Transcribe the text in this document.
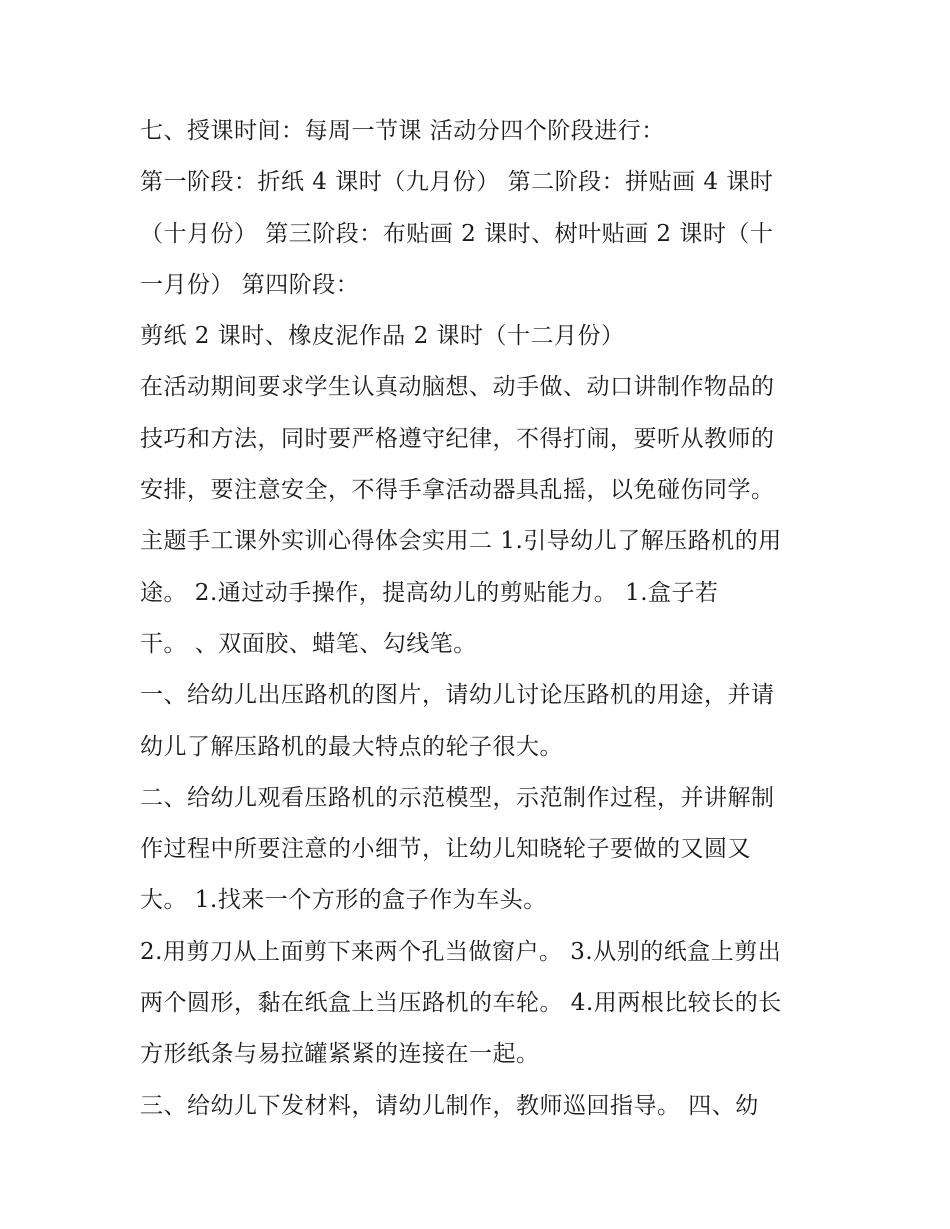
七、授课时间：每周一节课 活动分四个阶段进行：
第一阶段：折纸 4 课时（九月份） 第二阶段：拼贴画 4 课时
（十月份） 第三阶段：布贴画 2 课时、树叶贴画 2 课时（十
一月份） 第四阶段：
剪纸 2 课时、橡皮泥作品 2 课时（十二月份）
在活动期间要求学生认真动脑想、动手做、动口讲制作物品的
技巧和方法，同时要严格遵守纪律，不得打闹，要听从教师的
安排，要注意安全，不得手拿活动器具乱摇，以免碰伤同学。
主题手工课外实训心得体会实用二 1.引导幼儿了解压路机的用
途。 2.通过动手操作，提高幼儿的剪贴能力。 1.盒子若
干。 、双面胶、蜡笔、勾线笔。
一、给幼儿出压路机的图片，请幼儿讨论压路机的用途，并请
幼儿了解压路机的最大特点的轮子很大。
二、给幼儿观看压路机的示范模型，示范制作过程，并讲解制
作过程中所要注意的小细节，让幼儿知晓轮子要做的又圆又
大。 1.找来一个方形的盒子作为车头。
2.用剪刀从上面剪下来两个孔当做窗户。 3.从别的纸盒上剪出
两个圆形，黏在纸盒上当压路机的车轮。 4.用两根比较长的长
方形纸条与易拉罐紧紧的连接在一起。
三、给幼儿下发材料，请幼儿制作，教师巡回指导。 四、幼
